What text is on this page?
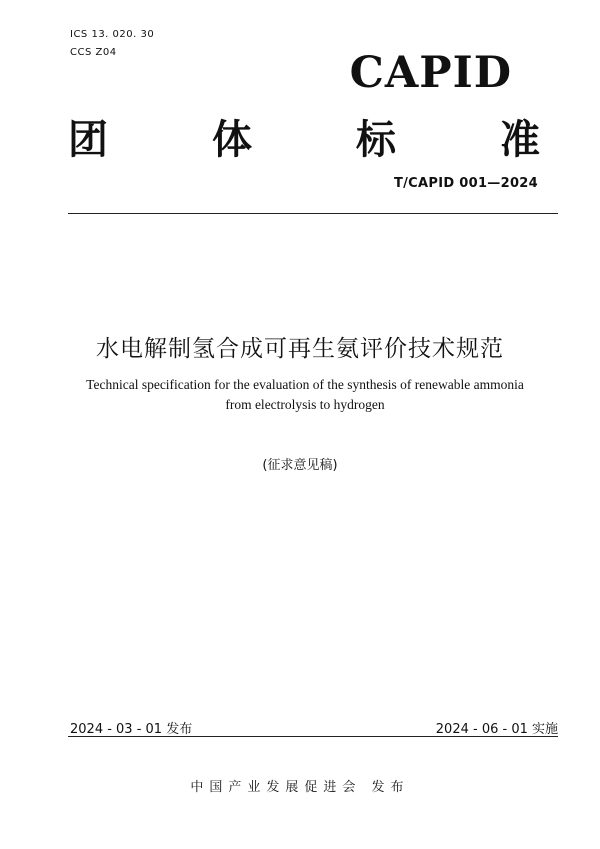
ICS 13. 020. 30
CCS Z04	CAPID
团	体	标	准
T/CAPID 001—2024
水电解制氢合成可再生氨评价技术规范
Technical specification for the evaluation of the synthesis of renewable ammonia
from electrolysis to hydrogen
(征求意见稿)
2024 - 03 - 01 发布	2024 - 06 - 01 实施
中国产业发展促进会 发布
